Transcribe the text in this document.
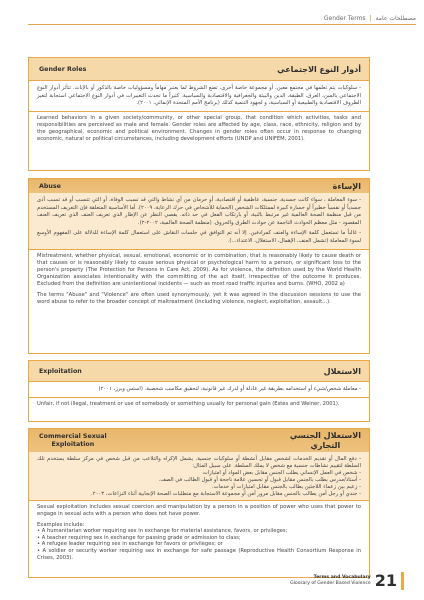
Gender Terms | مصطلحات عامة
Gender Roles	أدوار النوع الاجتماعي
- سلوكيات يتم تعلمها في مجتمع معين، أو مجموعة خاصة أخرى، تضع الشروط لما يعتبر مهاماً ومسؤوليات خاصة بالذكور أو بالإناث. تتأثر أدوار النوع الاجتماعي بالسن، العرق، الطبقة، الدين والبيئة والجغرافية والاقتصادية والسياسية. كثيراً ما تحدث التغييرات في أدوار النوع الاجتماعي استجابة لتغير الظروف الاقتصادية والطبيعية أو السياسية، و لجهود التنمية كذلك (برنامج الأمم المتحدة الإنمائي، ٢٠٠١).
Learned behaviors in a given society/community, or other special group, that condition which activities, tasks and responsibilities are perceived as male and female. Gender roles are affected by age, class, race, ethnicity, religion and by the geographical, economic and political environment. Changes in gender roles often occur in response to changing economic, natural or political circumstances, including development efforts (UNDP and UNIFEM, 2001).
Abuse	الإساءة
- سوء المعاملة ، سواء كانت جسدية، جنسية، عاطفية أو اقتصادية، أو حرمان من أي نشاط والتي قد تسبب الوفاة، أو التي تتسبب أو قد تسبب أذى جسدياً أو نفسياً خطيراً أو خسارة كبيرة لممتلكات الشخص (الحماية للأشخاص في حرك الرعاية، ٢٠٠٩). أما الأساسية المتعلقة فإن التعريف المستخدم من قبل منظمة الصحة العالمية غير مرتبط بالنية، أو بارتكاب الفعل في حد ذاته. يقصي النظر عن الإطار الذي تعريف العنف الذي تعريف العنف المقصود - مثل معظم الحوادث الناجمة عن حوادث الطرق والحروق. (منظمة الصحة العالمية، ٢٠٠٢-٢).
- غالباً ما تستعمل كلمة الإساءة والعنف كمرادفين. إلا أنه تم التوافق في جلسات النقاش على استعمال كلمة الإساءة للدلالة على المفهوم الأوسع لسوء المعاملة (تشمل العنف، الإهمال، الاستغلال، الاعتداء...).

Mistreatment, whether physical, sexual, emotional, economic or in combination, that is reasonably likely to cause death or that causes or is reasonably likely to cause serious physical or psychological harm to a person, or significant loss to the person's property (The Protection for Persons in Care Act, 2009). As for violence, the definition used by the World Health Organization associates intentionality with the committing of the act itself, irrespective of the outcome it produces. Excluded from the definition are unintentional incidents — such as most road traffic injuries and burns. (WHO, 2002 a)

The terms "Abuse" and "Violence" are often used synonymously, yet it was agreed in the discussion sessions to use the word abuse to refer to the broader concept of maltreatment (including violence, neglect, exploitation, assault...).

Exploitation	الاستغلال
- معاملة شخص/شيء أو استخدامه بطريقة غير عادلة أو لدرك غير قانونية، لتحقيق مكاسب شخصية. (استس ويرز، ٢٠٠١)
Unfair, if not illegal, treatment or use of somebody or something usually for personal gain (Estes and Weiner, 2001).
Commercial Sexual
Exploitation
الاستغلال الجنسي
التجاري
- دفع المال أو تقديم الخدمات لشخص مقابل أنشطة أو سلوكيات جنسية. يشمل الإكراه والتلاعب من قبل شخص في مركز سلطة يستخدم تلك السلطة لتقييم نشاطات جنسية مع شخص لا يملك السلطة. على سبيل المثال:
- شخص في العمل الإنساني يطلب الجنس مقابل بعض المواد أو امتيازات
- أستاذ/مدرس يطلب بالجنس مقابل قبول أو تحسين علامة ناجحة أو قبول الطالب في الصف.
- زعيم بين زعماء اللاجئين يطالب بالجنس مقابل امتيازات أو خدمات.
- جندي أو رجل أمن يطالب بالجنس مقابل مرور آمن أو مجموعة الاستجابة مع متطلبات الصحة الإنجابية أثناء النزاعات، ٢٠٠٣.

Sexual exploitation includes sexual coercion and manipulation by a person in a position of power who uses that power to engage in sexual acts with a person who does not have power.

Examples include:
• A humanitarian worker requiring sex in exchange for material assistance, favors, or privileges;
• A teacher requiring sex in exchange for passing grade or admission to class;
• A refugee leader requiring sex in exchange for favors or privileges; or
• A soldier or security worker requiring sex in exchange for safe passage (Reproductive Health Consortium Response in Crises, 2003).
Terms and Vocabulary
Glossary of Gender Based Violence 21
